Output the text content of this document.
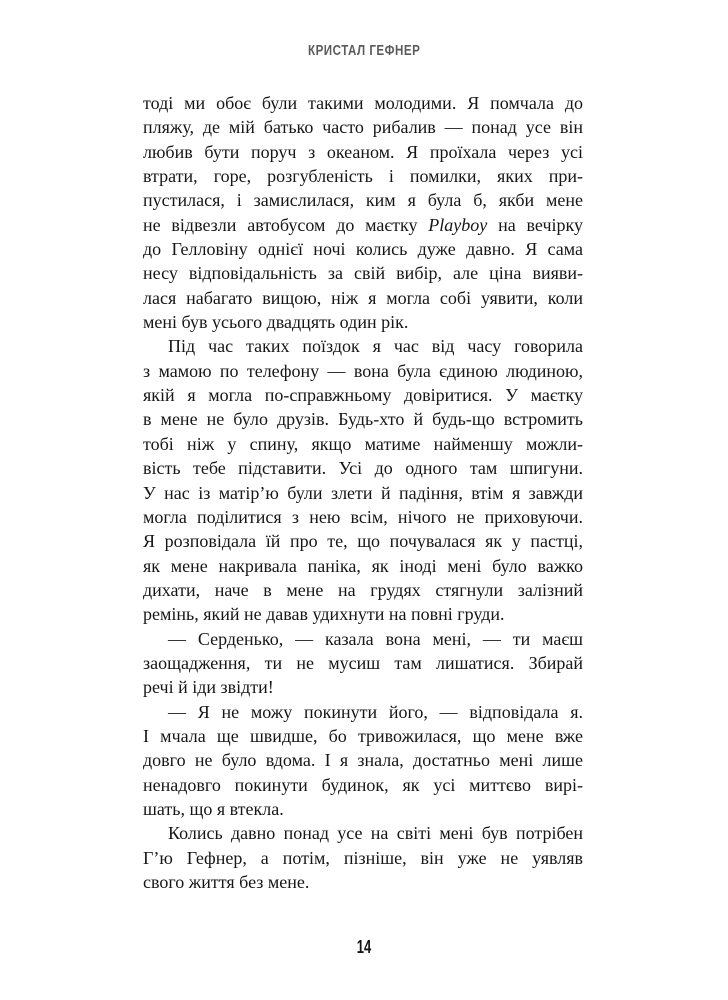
КРИСТАЛ ГЕФНЕР
тоді ми обоє були такими молодими. Я помчала до
пляжу, де мій батько часто рибалив — понад усе він
любив бути поруч з океаном. Я проїхала через усі
втрати, горе, розгубленість і помилки, яких при-
пустилася, і замислилася, ким я була б, якби мене
не відвезли автобусом до маєтку Playboy на вечірку
до Гелловіну однієї ночі колись дуже давно. Я сама
несу відповідальність за свій вибір, але ціна вияви-
лася набагато вищою, ніж я могла собі уявити, коли
мені був усього двадцять один рік.
Під час таких поїздок я час від часу говорила
з мамою по телефону — вона була єдиною людиною,
якій я могла по-справжньому довіритися. У маєтку
в мене не було друзів. Будь-хто й будь-що встромить
тобі ніж у спину, якщо матиме найменшу можли-
вість тебе підставити. Усі до одного там шпигуни.
У нас із матір’ю були злети й падіння, втім я завжди
могла поділитися з нею всім, нічого не приховуючи.
Я розповідала їй про те, що почувалася як у пастці,
як мене накривала паніка, як іноді мені було важко
дихати, наче в мене на грудях стягнули залізний
ремінь, який не давав удихнути на повні груди.
— Серденько, — казала вона мені, — ти маєш
заощадження, ти не мусиш там лишатися. Збирай
речі й іди звідти!
— Я не можу покинути його, — відповідала я.
І мчала ще швидше, бо тривожилася, що мене вже
довго не було вдома. І я знала, достатньо мені лише
ненадовго покинути будинок, як усі миттєво вирі-
шать, що я втекла.
Колись давно понад усе на світі мені був потрібен
Г’ю Гефнер, а потім, пізніше, він уже не уявляв
свого життя без мене.
14
